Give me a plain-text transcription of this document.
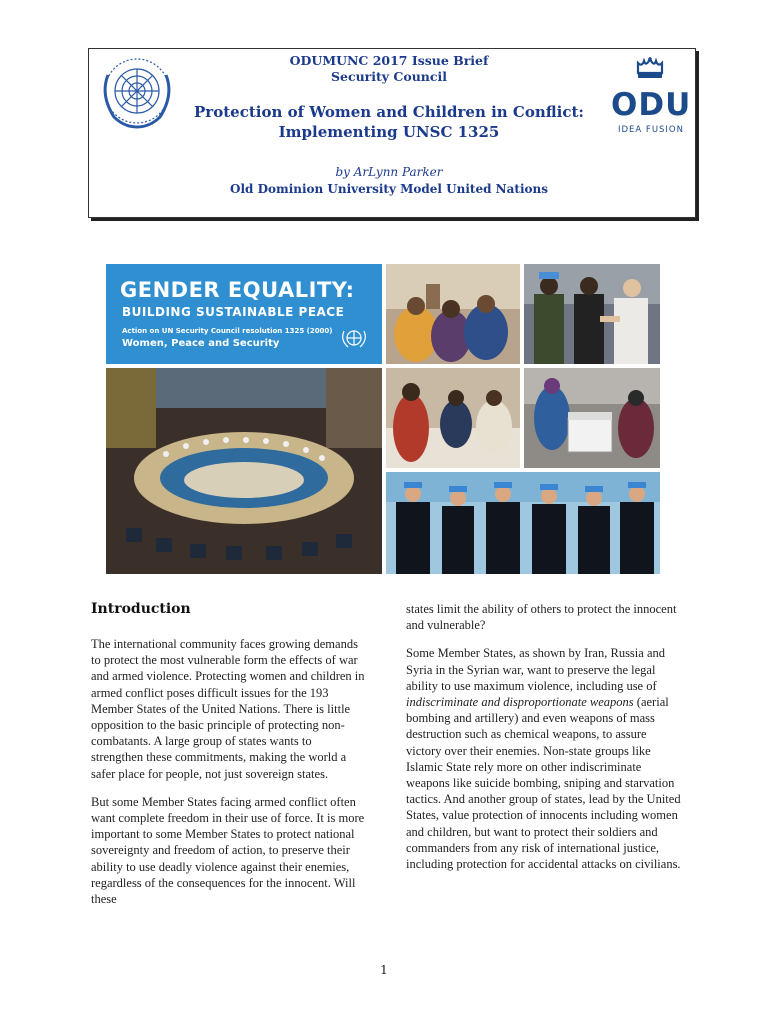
ODUMUNC 2017 Issue Brief
Security Council
Protection of Women and Children in Conflict:
Implementing UNSC 1325
by ArLynn Parker
Old Dominion University Model United Nations
ODU
IDEA FUSION
GENDER EQUALITY:
BUILDING SUSTAINABLE PEACE
Action on UN Security Council resolution 1325 (2000)
Women, Peace and Security
Introduction

The international community faces growing demands to protect the most vulnerable form the effects of war and armed violence. Protecting women and children in armed conflict poses difficult issues for the 193 Member States of the United Nations. There is little opposition to the basic principle of protecting non-combatants. A large group of states wants to strengthen these commitments, making the world a safer place for people, not just sovereign states.

But some Member States facing armed conflict often want complete freedom in their use of force. It is more important to some Member States to protect national sovereignty and freedom of action, to preserve their ability to use deadly violence against their enemies, regardless of the consequences for the innocent. Will these

states limit the ability of others to protect the innocent and vulnerable?

Some Member States, as shown by Iran, Russia and Syria in the Syrian war, want to preserve the legal ability to use maximum violence, including use of indiscriminate and disproportionate weapons (aerial bombing and artillery) and even weapons of mass destruction such as chemical weapons, to assure victory over their enemies. Non-state groups like Islamic State rely more on other indiscriminate weapons like suicide bombing, sniping and starvation tactics. And another group of states, lead by the United States, value protection of innocents including women and children, but want to protect their soldiers and commanders from any risk of international justice, including protection for accidental attacks on civilians.

1
